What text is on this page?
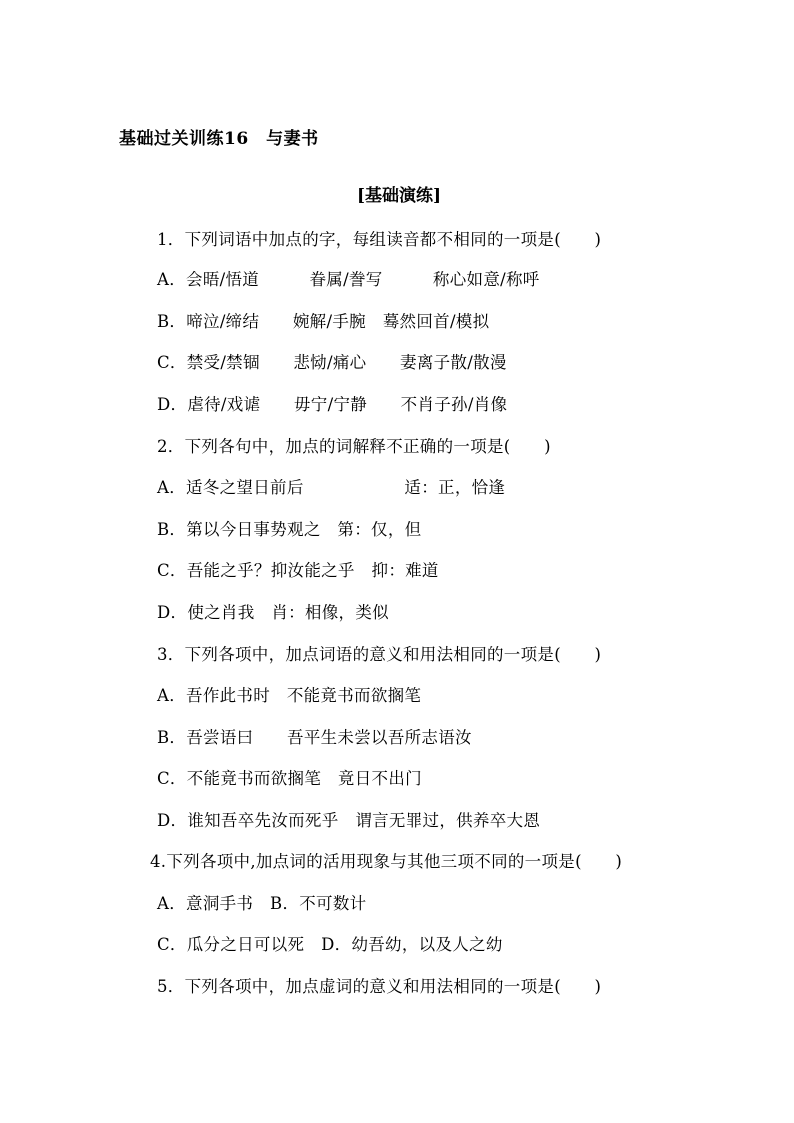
基础过关训练16　与妻书
[基础演练]
1．下列词语中加点的字，每组读音都不相同的一项是(　　)
A．会晤/悟道　　　眷属/誊写　　　称心如意/称呼
B．啼泣/缔结　　婉解/手腕　蓦然回首/模拟
C．禁受/禁锢　　悲恸/痛心　　妻离子散/散漫
D．虐待/戏谑　　毋宁/宁静　　不肖子孙/肖像
2．下列各句中，加点的词解释不正确的一项是(　　)
A．适冬之望日前后　　　　　　适：正，恰逢
B．第以今日事势观之　第：仅，但
C．吾能之乎？抑汝能之乎　抑：难道
D．使之肖我　肖：相像，类似
3．下列各项中，加点词语的意义和用法相同的一项是(　　)
A．吾作此书时　不能竟书而欲搁笔
B．吾尝语曰　　吾平生未尝以吾所志语汝
C．不能竟书而欲搁笔　竟日不出门
D．谁知吾卒先汝而死乎　谓言无罪过，供养卒大恩
4.下列各项中,加点词的活用现象与其他三项不同的一项是(　　)
A．意洞手书　B．不可数计
C．瓜分之日可以死　D．幼吾幼，以及人之幼
5．下列各项中，加点虚词的意义和用法相同的一项是(　　)
